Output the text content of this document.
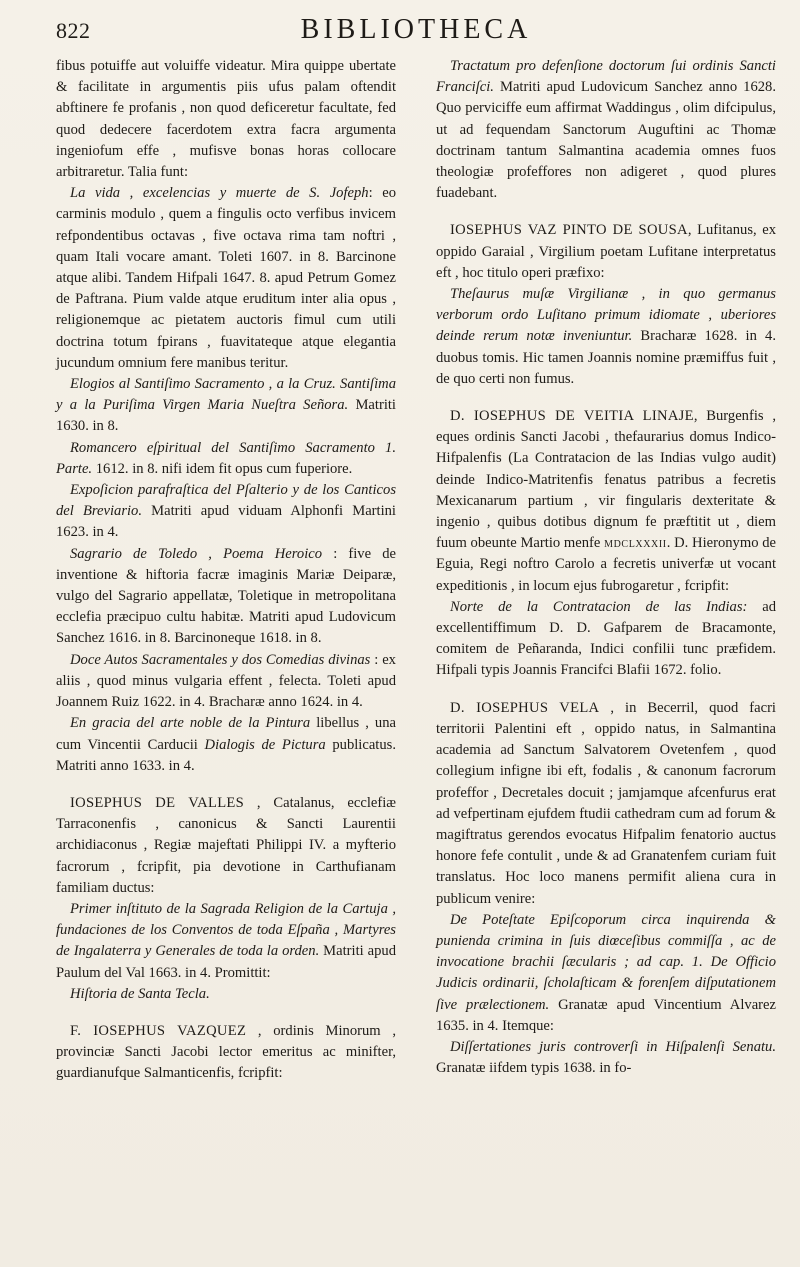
BIBLIOTHECA
822

fibus potuiffe aut voluiffe videatur. Mira quippe ubertate & facilitate in argumentis piis ufus palam oftendit abftinere fe profanis , non quod deficeretur facultate, fed quod dedecere facerdotem extra facra argumenta ingeniofum effe , mufisve bonas horas collocare arbitraretur. Talia funt:

La vida , excelencias y muerte de S. Jofeph: eo carminis modulo , quem a fingulis octo verfibus invicem refpondentibus octavas , five octava rima tam noftri , quam Itali vocare amant. Toleti 1607. in 8. Barcinone atque alibi. Tandem Hifpali 1647. 8. apud Petrum Gomez de Paftrana. Pium valde atque eruditum inter alia opus , religionemque ac pietatem auctoris fimul cum utili doctrina totum fpirans , fuavitateque atque elegantia jucundum omnium fere manibus teritur.

Elogios al Santiſimo Sacramento , a la Cruz. Santiſima y a la Puriſima Virgen Maria Nueſtra Señora. Matriti 1630. in 8.

Romancero eſpiritual del Santiſimo Sacramento 1. Parte. 1612. in 8. nifi idem fit opus cum fuperiore.

Expoſicion parafraſtica del Pſalterio y de los Canticos del Breviario. Matriti apud viduam Alphonfi Martini 1623. in 4.

Sagrario de Toledo , Poema Heroico : five de inventione & hiftoria facræ imaginis Mariæ Deiparæ, vulgo del Sagrario appellatæ, Toletique in metropolitana ecclefia præcipuo cultu habitæ. Matriti apud Ludovicum Sanchez 1616. in 8. Barcinoneque 1618. in 8.

Doce Autos Sacramentales y dos Comedias divinas : ex aliis , quod minus vulgaria effent , felecta. Toleti apud Joannem Ruiz 1622. in 4. Bracharæ anno 1624. in 4.

En gracia del arte noble de la Pintura libellus , una cum Vincentii Carducii Dialogis de Pictura publicatus. Matriti anno 1633. in 4.

IOSEPHUS DE VALLES , Catalanus, ecclefiæ Tarraconenfis , canonicus & Sancti Laurentii archidiaconus , Regiæ majeftati Philippi IV. a myfterio facrorum , fcripfit, pia devotione in Carthufianam familiam ductus:

Primer inſtituto de la Sagrada Religion de la Cartuja , fundaciones de los Conventos de toda Eſpaña , Martyres de Ingalaterra y Generales de toda la orden. Matriti apud Paulum del Val 1663. in 4. Promittit:

Hiſtoria de Santa Tecla.

F. IOSEPHUS VAZQUEZ , ordinis Minorum , provinciæ Sancti Jacobi lector emeritus ac minifter, guardianufque Salmanticenfis, fcripfit:

Tractatum pro defenſione doctorum ſui ordinis Sancti Franciſci. Matriti apud Ludovicum Sanchez anno 1628. Quo perviciffe eum affirmat Waddingus , olim difcipulus, ut ad fequendam Sanctorum Auguftini ac Thomæ doctrinam tantum Salmantina academia omnes fuos theologiæ profeffores non adigeret , quod plures fuadebant.

IOSEPHUS VAZ PINTO DE SOUSA, Lufitanus, ex oppido Garaial , Virgilium poetam Lufitane interpretatus eft , hoc titulo operi præfixo:

Theſaurus muſæ Virgilianæ , in quo germanus verborum ordo Luſitano primum idiomate , uberiores deinde rerum notæ inveniuntur. Bracharæ 1628. in 4. duobus tomis. Hic tamen Joannis nomine præmiffus fuit , de quo certi non fumus.

D. IOSEPHUS DE VEITIA LINAJE, Burgenfis , eques ordinis Sancti Jacobi , thefaurarius domus Indico-Hifpalenfis (La Contratacion de las Indias vulgo audit) deinde Indico-Matritenfis fenatus patribus a fecretis Mexicanarum partium , vir fingularis dexteritate & ingenio , quibus dotibus dignum fe præftitit ut , diem fuum obeunte Martio menfe mdclxxxii. D. Hieronymo de Eguia, Regi noftro Carolo a fecretis univerfæ ut vocant expeditionis , in locum ejus fubrogaretur , fcripfit:

Norte de la Contratacion de las Indias: ad excellentiffimum D. D. Gafparem de Bracamonte, comitem de Peñaranda, Indici confilii tunc præfidem. Hifpali typis Joannis Francifci Blafii 1672. folio.

D. IOSEPHUS VELA , in Becerril, quod facri territorii Palentini eft , oppido natus, in Salmantina academia ad Sanctum Salvatorem Ovetenfem , quod collegium infigne ibi eft, fodalis , & canonum facrorum profeffor , Decretales docuit ; jamjamque afcenfurus erat ad vefpertinam ejufdem ftudii cathedram cum ad forum & magiftratus gerendos evocatus Hifpalim fenatorio auctus honore fefe contulit , unde & ad Granatenfem curiam fuit translatus. Hoc loco manens permifit aliena cura in publicum venire:

De Poteſtate Epiſcoporum circa inquirenda & punienda crimina in ſuis diœceſibus commiſſa , ac de invocatione brachii ſæcularis ; ad cap. 1. De Officio Judicis ordinarii, ſcholaſticam & forenſem diſputationem ſive prælectionem. Granatæ apud Vincentium Alvarez 1635. in 4. Itemque:

Diſſertationes juris controverſi in Hiſpalenſi Senatu. Granatæ iifdem typis 1638. in fo-
